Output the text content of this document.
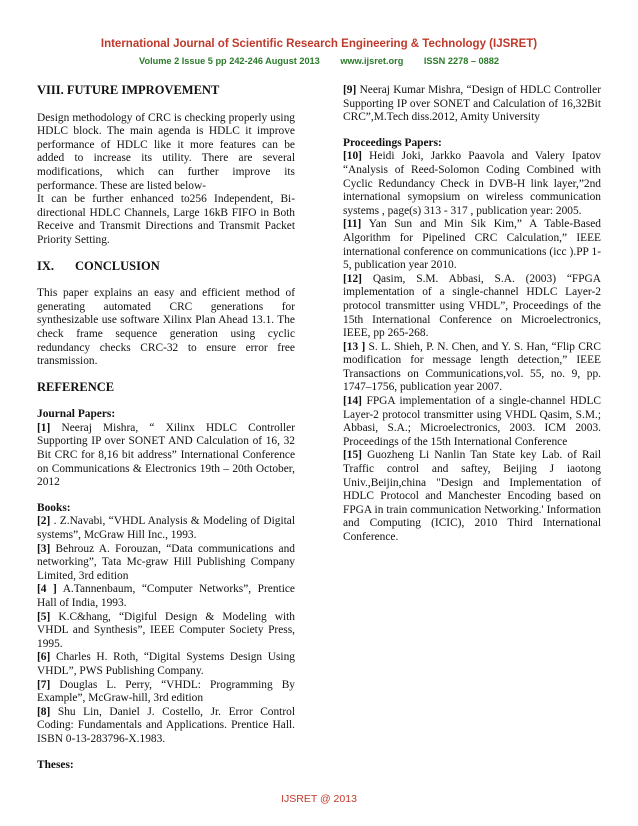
International Journal of Scientific Research Engineering & Technology (IJSRET)
Volume 2 Issue 5 pp 242-246 August 2013 www.ijsret.org ISSN 2278 – 0882
VIII. FUTURE IMPROVEMENT

Design methodology of CRC is checking properly using HDLC block. The main agenda is HDLC it improve performance of HDLC like it more features can be added to increase its utility. There are several modifications, which can further improve its performance. These are listed below-

It can be further enhanced to256 Independent, Bi-directional HDLC Channels, Large 16kB FIFO in Both Receive and Transmit Directions and Transmit Packet Priority Setting.

IX. CONCLUSION

This paper explains an easy and efficient method of generating automated CRC generations for synthesizable use software Xilinx Plan Ahead 13.1. The check frame sequence generation using cyclic redundancy checks CRC-32 to ensure error free transmission.

REFERENCE
Journal Papers:

[1] Neeraj Mishra, “ Xilinx HDLC Controller Supporting IP over SONET AND Calculation of 16, 32 Bit CRC for 8,16 bit address” International Conference on Communications & Electronics 19th – 20th October, 2012

Books:

[2] . Z.Navabi, “VHDL Analysis & Modeling of Digital systems”, McGraw Hill Inc., 1993.

[3] Behrouz A. Forouzan, “Data communications and networking”, Tata Mc-graw Hill Publishing Company Limited, 3rd edition

[4 ] A.Tannenbaum, “Computer Networks”, Prentice Hall of India, 1993.

[5] K.C&hang, “Digiful Design & Modeling with VHDL and Synthesis”, IEEE Computer Society Press, 1995.

[6] Charles H. Roth, “Digital Systems Design Using VHDL”, PWS Publishing Company.

[7] Douglas L. Perry, “VHDL: Programming By Example”, McGraw-hill, 3rd edition

[8] Shu Lin, Daniel J. Costello, Jr. Error Control Coding: Fundamentals and Applications. Prentice Hall. ISBN 0-13-283796-X.1983.

Theses:

[9] Neeraj Kumar Mishra, “Design of HDLC Controller Supporting IP over SONET and Calculation of 16,32Bit CRC”,M.Tech diss.2012, Amity University

Proceedings Papers:

[10] Heidi Joki, Jarkko Paavola and Valery Ipatov “Analysis of Reed-Solomon Coding Combined with Cyclic Redundancy Check in DVB-H link layer,”2nd international symopsium on wireless communication systems , page(s) 313 - 317 , publication year: 2005.

[11] Yan Sun and Min Sik Kim,” A Table-Based Algorithm for Pipelined CRC Calculation,” IEEE international conference on communications (icc ).PP 1-5, publication year 2010.

[12] Qasim, S.M. Abbasi, S.A. (2003) “FPGA implementation of a single-channel HDLC Layer-2 protocol transmitter using VHDL”, Proceedings of the 15th International Conference on Microelectronics, IEEE, pp 265-268.

[13 ] S. L. Shieh, P. N. Chen, and Y. S. Han, “Flip CRC modification for message length detection,” IEEE Transactions on Communications,vol. 55, no. 9, pp. 1747–1756, publication year 2007.

[14] FPGA implementation of a single-channel HDLC Layer-2 protocol transmitter using VHDL Qasim, S.M.; Abbasi, S.A.; Microelectronics, 2003. ICM 2003. Proceedings of the 15th International Conference

[15] Guozheng Li Nanlin Tan State key Lab. of Rail Traffic control and saftey, Beijing J iaotong Univ.,Beijin,china "Design and Implementation of HDLC Protocol and Manchester Encoding based on FPGA in train communication Networking.' Information and Computing (ICIC), 2010 Third International Conference.

IJSRET @ 2013
